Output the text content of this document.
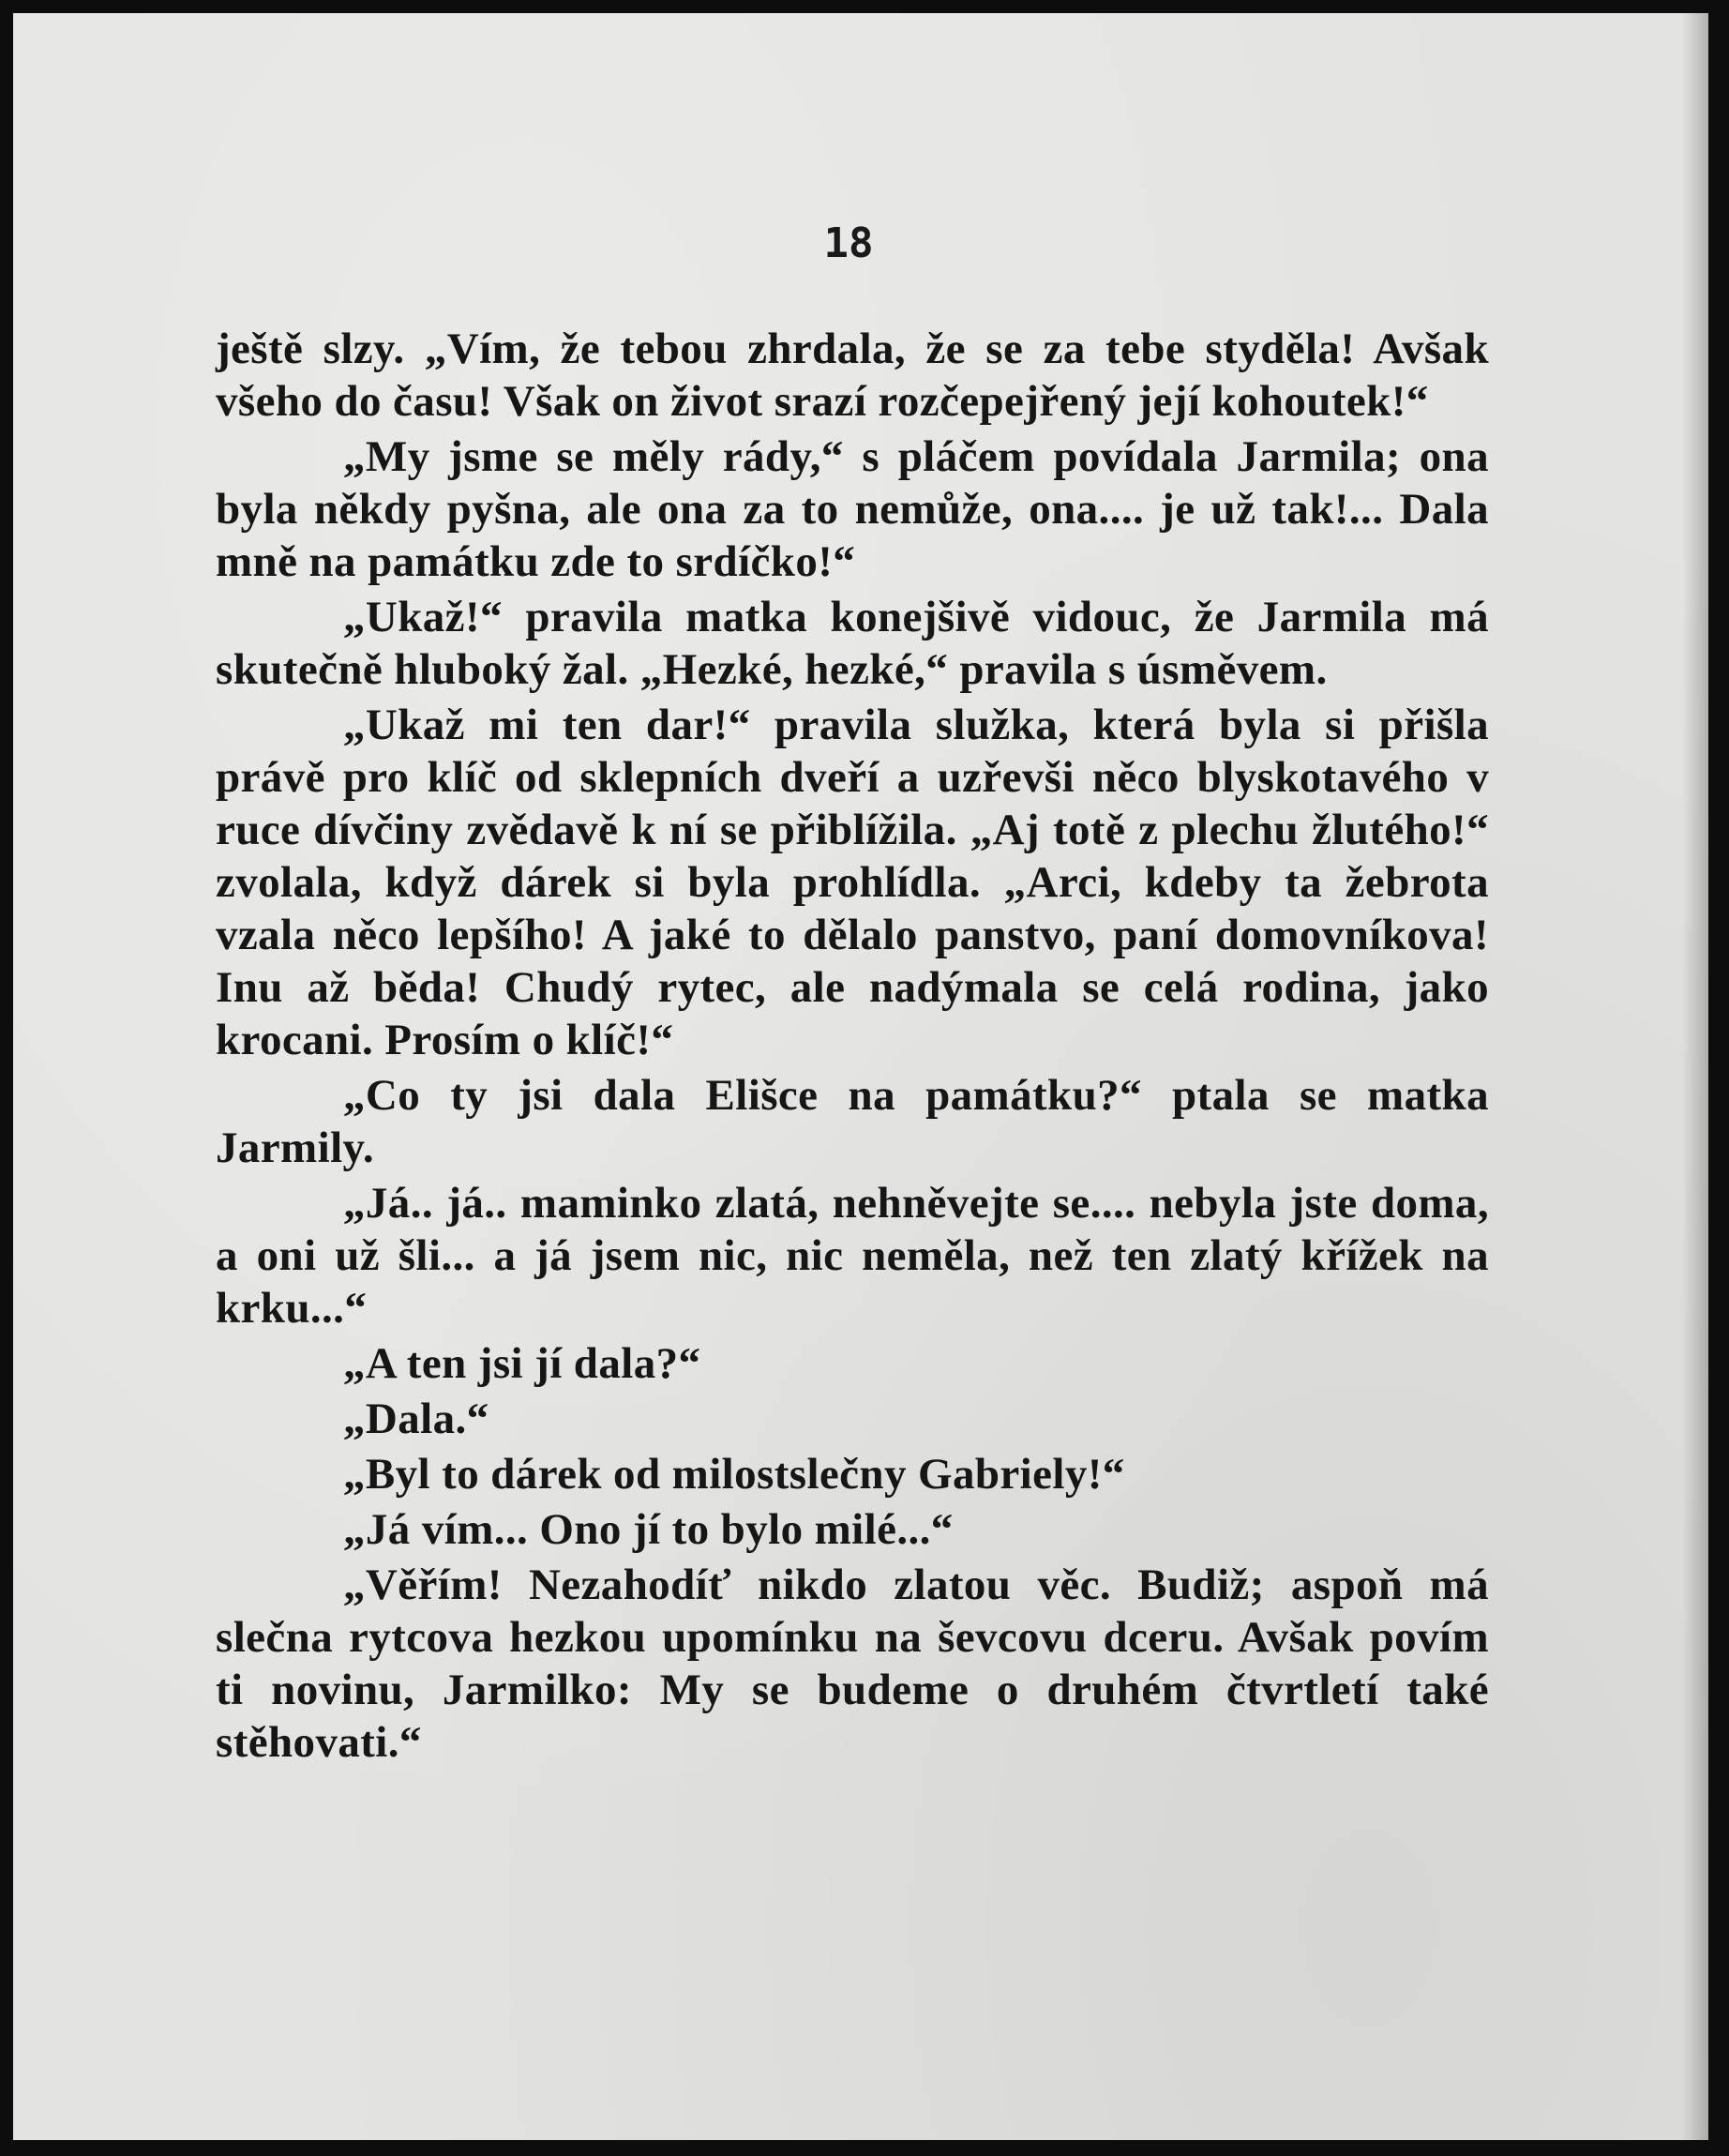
18

ještě slzy. „Vím, že tebou zhrdala, že se za tebe styděla! Avšak všeho do času! Však on život srazí rozčepejřený její kohoutek!“

„My jsme se měly rády,“ s pláčem povídala Jarmila; ona byla někdy pyšna, ale ona za to nemůže, ona.... je už tak!... Dala mně na památku zde to srdíčko!“

„Ukaž!“ pravila matka konejšivě vidouc, že Jarmila má skutečně hluboký žal. „Hezké, hezké,“ pravila s úsměvem.

„Ukaž mi ten dar!“ pravila služka, která byla si přišla právě pro klíč od sklepních dveří a uzřevši něco blyskotavého v ruce dívčiny zvědavě k ní se přiblížila. „Aj totě z plechu žlutého!“ zvolala, když dárek si byla prohlídla. „Arci, kdeby ta žebrota vzala něco lepšího! A jaké to dělalo panstvo, paní domovníkova! Inu až běda! Chudý rytec, ale nadýmala se celá rodina, jako krocani. Prosím o klíč!“

„Co ty jsi dala Elišce na památku?“ ptala se matka Jarmily.

„Já.. já.. maminko zlatá, nehněvejte se.... nebyla jste doma, a oni už šli... a já jsem nic, nic neměla, než ten zlatý křížek na krku...“

„A ten jsi jí dala?“

„Dala.“

„Byl to dárek od milostslečny Gabriely!“

„Já vím... Ono jí to bylo milé...“

„Věřím! Nezahodíť nikdo zlatou věc. Budiž; aspoň má slečna rytcova hezkou upomínku na ševcovu dceru. Avšak povím ti novinu, Jarmilko: My se budeme o druhém čtvrtletí také stěhovati.“
